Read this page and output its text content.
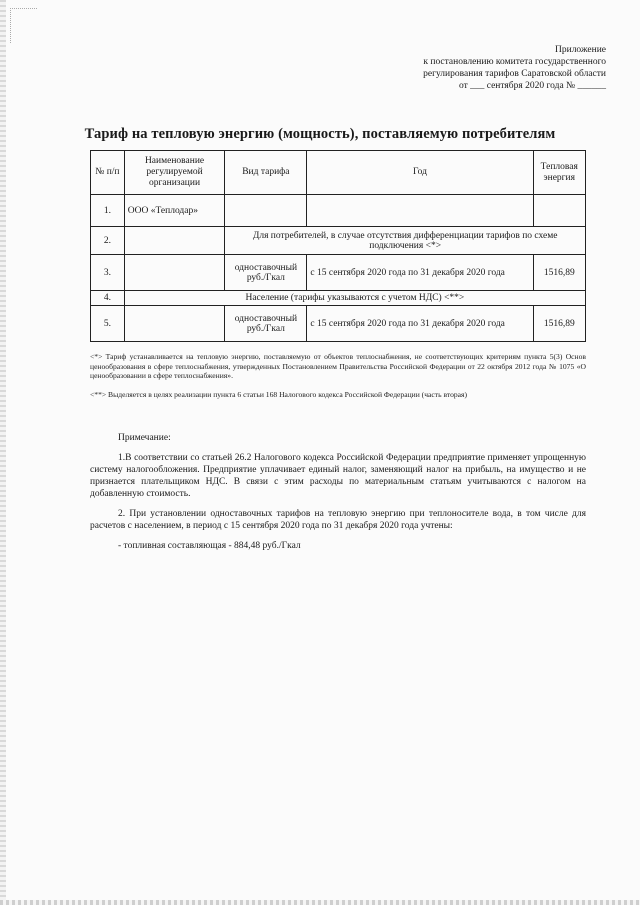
Приложение
к постановлению комитета государственного
регулирования тарифов Саратовской области
от ___ сентября 2020 года № ______
Тариф на тепловую энергию (мощность), поставляемую потребителям
№ п/п	Наименование регулируемой организации	Вид тарифа	Год	Тепловая энергия
1.	ООО «Теплодар»			
2.		Для потребителей, в случае отсутствия дифференциации тарифов по схеме подключения <*>		
3.		одноставочный руб./Гкал	с 15 сентября 2020 года по 31 декабря 2020 года	1516,89
4.	Население (тарифы указываются с учетом НДС) <**>			
5.		одноставочный руб./Гкал	с 15 сентября 2020 года по 31 декабря 2020 года	1516,89

<*> Тариф устанавливается на тепловую энергию, поставляемую от объектов теплоснабжения, не соответствующих критериям пункта 5(3) Основ ценообразования в сфере теплоснабжения, утвержденных Постановлением Правительства Российской Федерации от 22 октября 2012 года № 1075 «О ценообразовании в сфере теплоснабжения».

<**> Выделяется в целях реализации пункта 6 статьи 168 Налогового кодекса Российской Федерации (часть вторая)

Примечание:

1.В соответствии со статьей 26.2 Налогового кодекса Российской Федерации предприятие применяет упрощенную систему налогообложения. Предприятие уплачивает единый налог, заменяющий налог на прибыль, на имущество и не признается плательщиком НДС. В связи с этим расходы по материальным статьям учитываются с налогом на добавленную стоимость.

2. При установлении одноставочных тарифов на тепловую энергию при теплоносителе вода, в том числе для расчетов с населением, в период с 15 сентября 2020 года по 31 декабря 2020 года учтены:

- топливная составляющая - 884,48 руб./Гкал
